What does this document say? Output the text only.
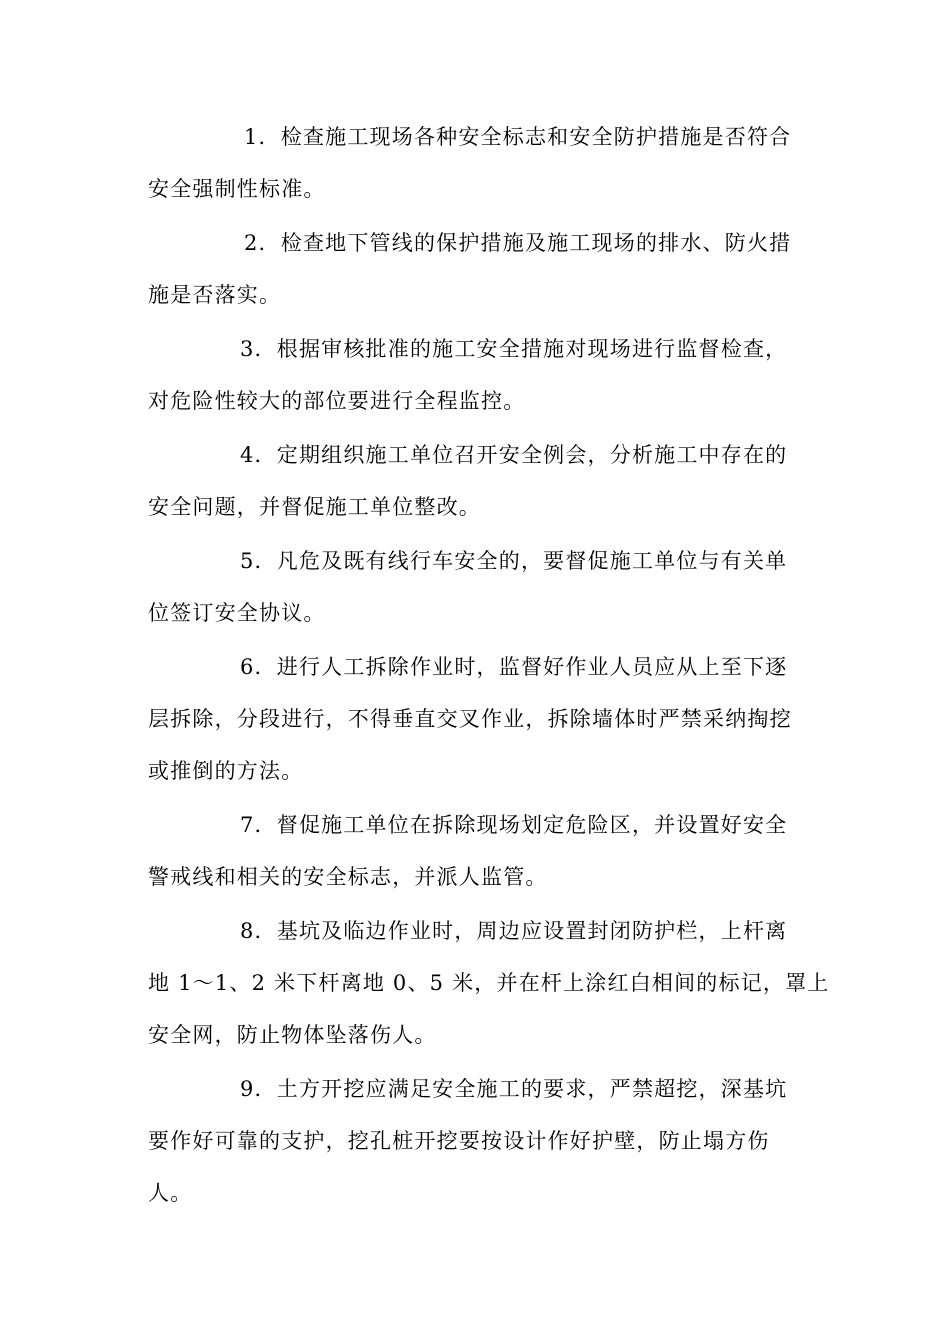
1．检查施工现场各种安全标志和安全防护措施是否符合
安全强制性标准。
2．检查地下管线的保护措施及施工现场的排水、防火措
施是否落实。
3．根据审核批准的施工安全措施对现场进行监督检查，
对危险性较大的部位要进行全程监控。
4．定期组织施工单位召开安全例会，分析施工中存在的
安全问题，并督促施工单位整改。
5．凡危及既有线行车安全的，要督促施工单位与有关单
位签订安全协议。
6．进行人工拆除作业时，监督好作业人员应从上至下逐
层拆除，分段进行，不得垂直交叉作业，拆除墙体时严禁采纳掏挖
或推倒的方法。
7．督促施工单位在拆除现场划定危险区，并设置好安全
警戒线和相关的安全标志，并派人监管。
8．基坑及临边作业时，周边应设置封闭防护栏，上杆离
地 1～1、2 米下杆离地 0、5 米，并在杆上涂红白相间的标记，罩上
安全网，防止物体坠落伤人。
9．土方开挖应满足安全施工的要求，严禁超挖，深基坑
要作好可靠的支护，挖孔桩开挖要按设计作好护壁，防止塌方伤
人。
